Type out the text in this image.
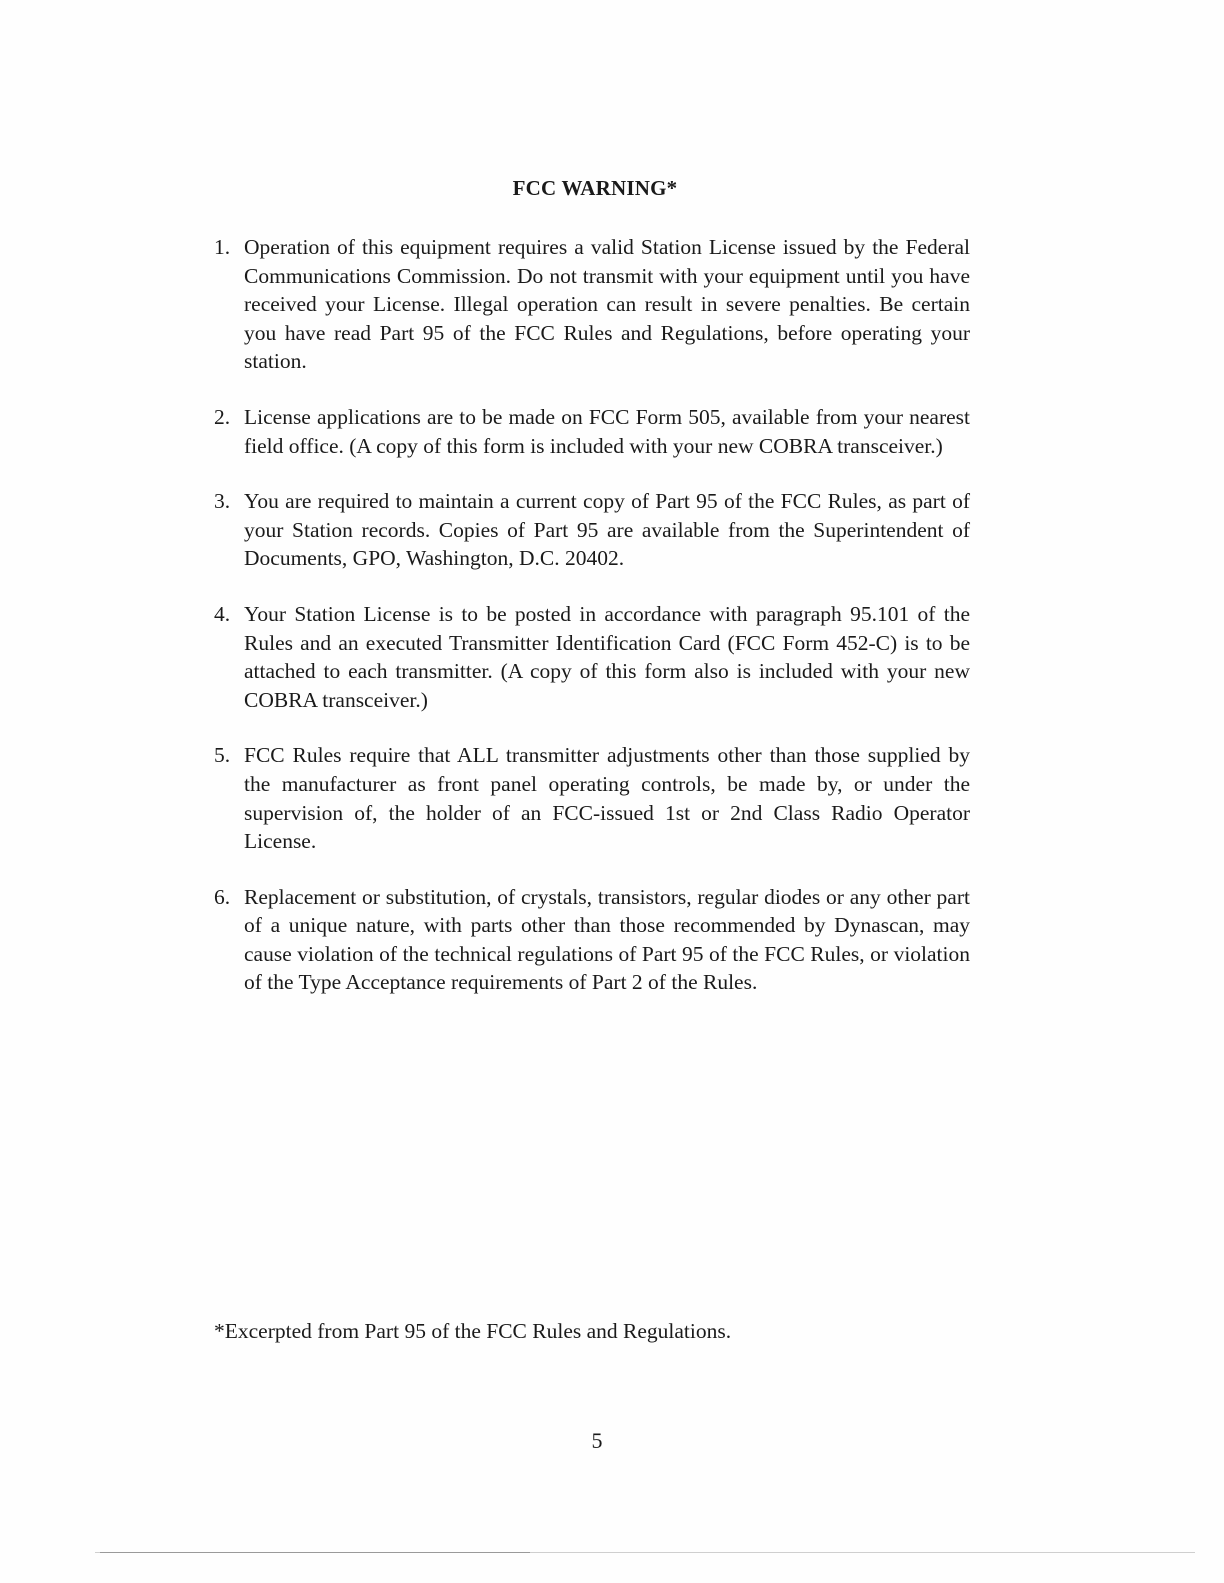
FCC WARNING*
1. Operation of this equipment requires a valid Station License issued by the Federal Communications Commission. Do not transmit with your equipment until you have received your License. Illegal operation can result in severe penalties. Be certain you have read Part 95 of the FCC Rules and Regulations, before operating your station.
2. License applications are to be made on FCC Form 505, available from your nearest field office. (A copy of this form is included with your new COBRA transceiver.)
3. You are required to maintain a current copy of Part 95 of the FCC Rules, as part of your Station records. Copies of Part 95 are available from the Superintendent of Documents, GPO, Washington, D.C. 20402.
4. Your Station License is to be posted in accordance with paragraph 95.101 of the Rules and an executed Transmitter Identification Card (FCC Form 452-C) is to be attached to each transmitter. (A copy of this form also is included with your new COBRA transceiver.)
5. FCC Rules require that ALL transmitter adjustments other than those supplied by the manufacturer as front panel operating controls, be made by, or under the supervision of, the holder of an FCC-issued 1st or 2nd Class Radio Operator License.
6. Replacement or substitution, of crystals, transistors, regular diodes or any other part of a unique nature, with parts other than those recommended by Dynascan, may cause violation of the technical regulations of Part 95 of the FCC Rules, or violation of the Type Acceptance requirements of Part 2 of the Rules.
*Excerpted from Part 95 of the FCC Rules and Regulations.
5
